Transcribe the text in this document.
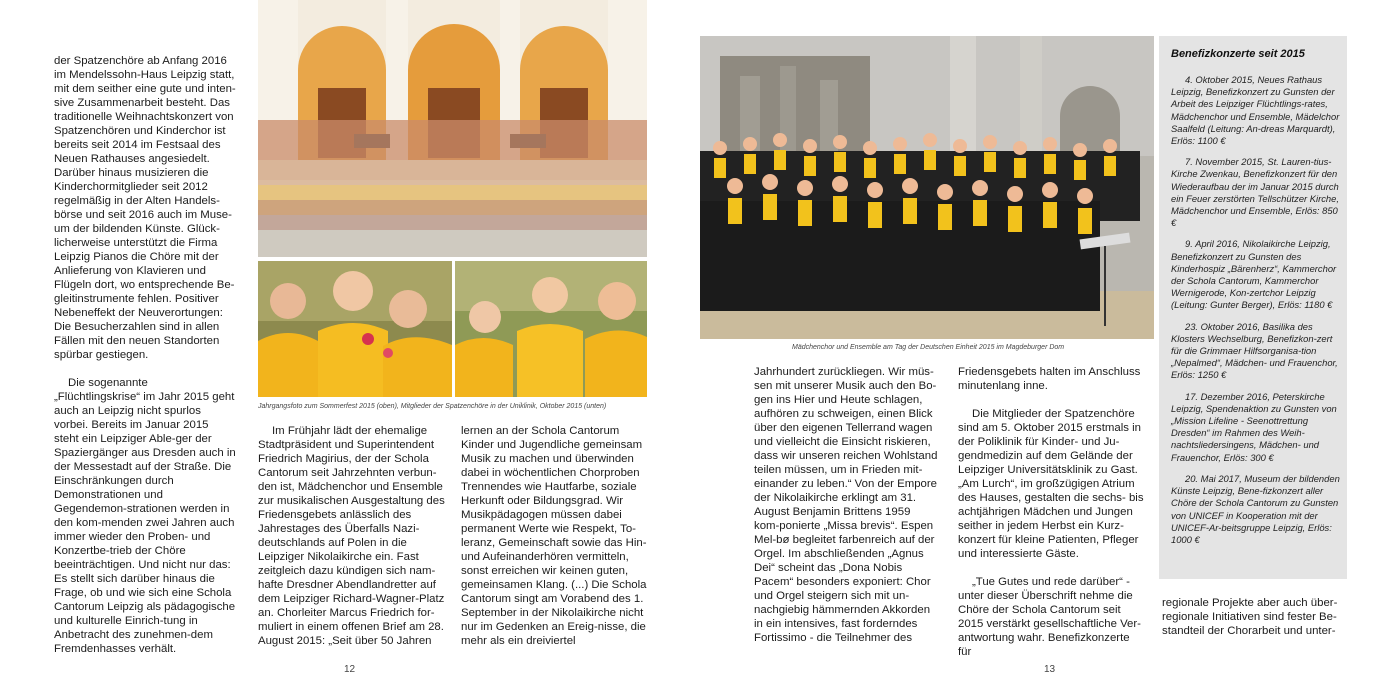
der Spatzenchöre ab Anfang 2016 im Mendelssohn-Haus Leipzig statt, mit dem seither eine gute und inten-sive Zusammenarbeit besteht. Das traditionelle Weihnachtskonzert von Spatzenchören und Kinderchor ist bereits seit 2014 im Festsaal des Neuen Rathauses angesiedelt. Darüber hinaus musizieren die Kinderchormitglieder seit 2012 regelmäßig in der Alten Handels-börse und seit 2016 auch im Muse-um der bildenden Künste. Glück-licherweise unterstützt die Firma Leipzig Pianos die Chöre mit der Anlieferung von Klavieren und Flügeln dort, wo entsprechende Be-gleitinstrumente fehlen. Positiver Nebeneffekt der Neuverortungen: Die Besucherzahlen sind in allen Fällen mit den neuen Standorten spürbar gestiegen.

Die sogenannte „Flüchtlingskrise“ im Jahr 2015 geht auch an Leipzig nicht spurlos vorbei. Bereits im Januar 2015 steht ein Leipziger Able-ger der Spaziergänger aus Dresden auch in der Messestadt auf der Straße. Die Einschränkungen durch Demonstrationen und Gegendemon-strationen werden in den kom-menden zwei Jahren auch immer wieder den Proben- und Konzertbe-trieb der Chöre beeinträchtigen. Und nicht nur das: Es stellt sich darüber hinaus die Frage, ob und wie sich eine Schola Cantorum Leipzig als pädagogische und kulturelle Einrich-tung in Anbetracht des zunehmen-dem Fremdenhasses verhält.

Jahrgangsfoto zum Sommerfest 2015 (oben), Mitglieder der Spatzenchöre in der Uniklinik, Oktober 2015 (unten)

Im Frühjahr lädt der ehemalige Stadtpräsident und Superintendent Friedrich Magirius, der der Schola Cantorum seit Jahrzehnten verbun-den ist, Mädchenchor und Ensemble zur musikalischen Ausgestaltung des Friedensgebets anlässlich des Jahrestages des Überfalls Nazi-deutschlands auf Polen in die Leipziger Nikolaikirche ein. Fast zeitgleich dazu kündigen sich nam-hafte Dresdner Abendlandretter auf dem Leipziger Richard-Wagner-Platz an. Chorleiter Marcus Friedrich for-muliert in einem offenen Brief am 28. August 2015: „Seit über 50 Jahren

lernen an der Schola Cantorum Kinder und Jugendliche gemeinsam Musik zu machen und überwinden dabei in wöchentlichen Chorproben Trennendes wie Hautfarbe, soziale Herkunft oder Bildungsgrad. Wir Musikpädagogen müssen dabei permanent Werte wie Respekt, To-leranz, Gemeinschaft sowie das Hin- und Aufeinanderhören vermitteln, sonst erreichen wir keinen guten, gemeinsamen Klang. (...) Die Schola Cantorum singt am Vorabend des 1. September in der Nikolaikirche nicht nur im Gedenken an Ereig-nisse, die mehr als ein dreiviertel

12
Mädchenchor und Ensemble am Tag der Deutschen Einheit 2015 im Magdeburger Dom

Jahrhundert zurückliegen. Wir müs-sen mit unserer Musik auch den Bo-gen ins Hier und Heute schlagen, aufhören zu schweigen, einen Blick über den eigenen Tellerrand wagen und vielleicht die Einsicht riskieren, dass wir unseren reichen Wohlstand teilen müssen, um in Frieden mit-einander zu leben.“ Von der Empore der Nikolaikirche erklingt am 31. August Benjamin Brittens 1959 kom-ponierte „Missa brevis“. Espen Mel-bø begleitet farbenreich auf der Orgel. Im abschließenden „Agnus Dei“ scheint das „Dona Nobis Pacem“ besonders exponiert: Chor und Orgel steigern sich mit un-nachgiebig hämmernden Akkorden in ein intensives, fast forderndes Fortissimo - die Teilnehmer des

Friedensgebets halten im Anschluss minutenlang inne.

Die Mitglieder der Spatzenchöre sind am 5. Oktober 2015 erstmals in der Poliklinik für Kinder- und Ju-gendmedizin auf dem Gelände der Leipziger Universitätsklinik zu Gast. „Am Lurch“, im großzügigen Atrium des Hauses, gestalten die sechs- bis achtjährigen Mädchen und Jungen seither in jedem Herbst ein Kurz-konzert für kleine Patienten, Pfleger und interessierte Gäste.

„Tue Gutes und rede darüber“ - unter dieser Überschrift nehme die Chöre der Schola Cantorum seit 2015 verstärkt gesellschaftliche Ver-antwortung wahr. Benefizkonzerte für

regionale Projekte aber auch über-regionale Initiativen sind fester Be-standteil der Chorarbeit und unter-

13
Benefizkonzerte seit 2015
4. Oktober 2015, Neues Rathaus Leipzig, Benefizkonzert zu Gunsten der Arbeit des Leipziger Flüchtlings-rates, Mädchenchor und Ensemble, Mädelchor Saalfeld (Leitung: An-dreas Marquardt), Erlös: 1100 €
7. November 2015, St. Lauren-tius-Kirche Zwenkau, Benefizkonzert für den Wiederaufbau der im Januar 2015 durch ein Feuer zerstörten Tellschützer Kirche, Mädchenchor und Ensemble, Erlös: 850 €
9. April 2016, Nikolaikirche Leipzig, Benefizkonzert zu Gunsten des Kinderhospiz „Bärenherz“, Kammerchor der Schola Cantorum, Kammerchor Wernigerode, Kon-zertchor Leipzig (Leitung: Gunter Berger), Erlös: 1180 €
23. Oktober 2016, Basilika des Klosters Wechselburg, Benefizkon-zert für die Grimmaer Hilfsorganisa-tion „Nepalmed“, Mädchen- und Frauenchor, Erlös: 1250 €
17. Dezember 2016, Peterskirche Leipzig, Spendenaktion zu Gunsten von „Mission Lifeline - Seenottrettung Dresden“ im Rahmen des Weih-nachtsliedersingens, Mädchen- und Frauenchor, Erlös: 300 €
20. Mai 2017, Museum der bildenden Künste Leipzig, Bene-fizkonzert aller Chöre der Schola Cantorum zu Gunsten von UNICEF in Kooperation mit der UNICEF-Ar-beitsgruppe Leipzig, Erlös: 1000 €
